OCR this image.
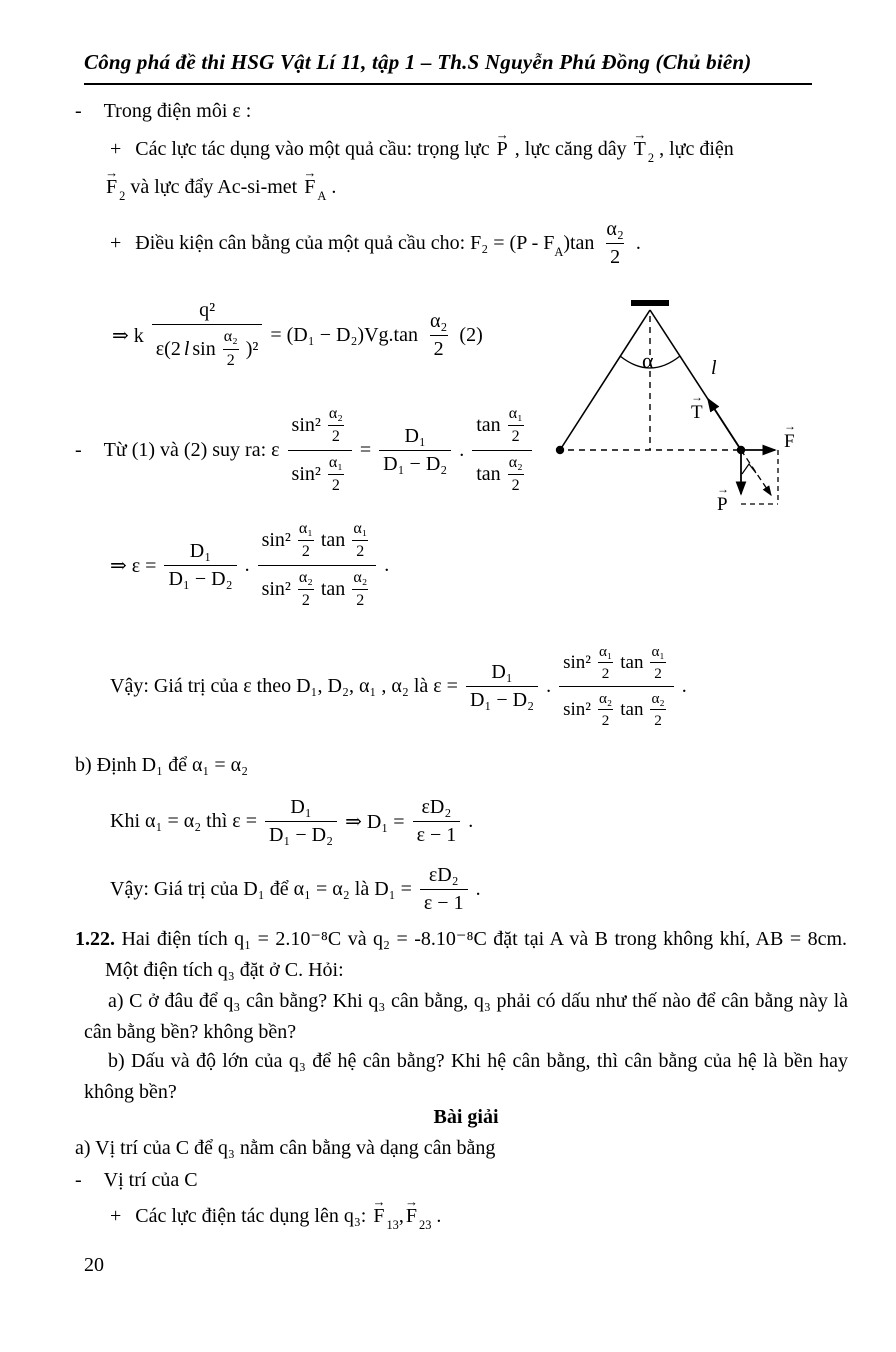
Công phá đề thi HSG Vật Lí 11, tập 1 – Th.S Nguyễn Phú Đồng (Chủ biên)
- Trong điện môi ε :
+ Các lực tác dụng vào một quả cầu: trọng lực
→
P , lực căng dây
→
T $_2$ , lực điện
→
F $_2$ và lực đẩy Ac-si-met
→
F $_A$ .
+ Điều kiện cân bằng của một quả cầu cho: $F_2 = (P - F_A)\tan \frac{\text{α₂}}{2}$ .
⇒ k $\frac{\text{q²}}{\varepsilon(2 l \sin \frac{\text{α₂}}{2} )^2} = (D_1 - D_2)Vg.\tan \frac{\text{α₂}}{2} (2)$
- Từ (1) và (2) suy ra: ε $\frac{\sin^2 \frac{\text{α₂}}{2}}{\sin^2 \frac{\text{α₁}}{2}} = \frac{\text{D₁}}{\text{D₁ − D₂}}$ . $\frac{\tan \frac{\text{α₁}}{2}}{\tan \frac{\text{α₂}}{2}}$
⇒ $\varepsilon = \frac{\text{D₁}}{\text{D₁ − D₂}}$ . $\frac{\sin^2 \frac{\text{α₁}}{2} \tan \frac{\text{α₁}}{2}}{\sin^2 \frac{\text{α₂}}{2} \tan \frac{\text{α₂}}{2}}$ .
Vậy: Giá trị của ε theo D₁, D₂, α₁ , α₂ là $\varepsilon = \frac{\text{D₁}}{\text{D₁ − D₂}}$ . $\frac{\sin^2 \frac{\text{α₁}}{2} \tan \frac{\text{α₁}}{2}}{\sin^2 \frac{\text{α₂}}{2} \tan \frac{\text{α₂}}{2}}$ .
b) Định D₁ để α₁ = α₂
Khi α₁ = α₂ thì $\varepsilon = \frac{\text{D₁}}{\text{D₁ − D₂}}$ ⇒ $D_1 = \frac{\text{εD₂}}{\varepsilon - 1}$ .
Vậy: Giá trị của D₁ để α₁ = α₂ là $D_1 = \frac{\text{εD₂}}{\varepsilon - 1}$ .
1.22. Hai điện tích q₁ = 2.10⁻⁸C và q₂ = -8.10⁻⁸C đặt tại A và B trong không khí, AB = 8cm. Một điện tích q₃ đặt ở C. Hỏi:
a) C ở đâu để q₃ cân bằng? Khi q₃ cân bằng, q₃ phải có dấu như thế nào để cân bằng này là cân bằng bền? không bền?
b) Dấu và độ lớn của q₃ để hệ cân bằng? Khi hệ cân bằng, thì cân bằng của hệ là bền hay không bền?
Bài giải
a) Vị trí của C để q₃ nằm cân bằng và dạng cân bằng
- Vị trí của C
+ Các lực điện tác dụng lên q₃:
→
F $_{13}$,
→
F $_{23}$ .
20
α	l
T
→
F
→
P
→
